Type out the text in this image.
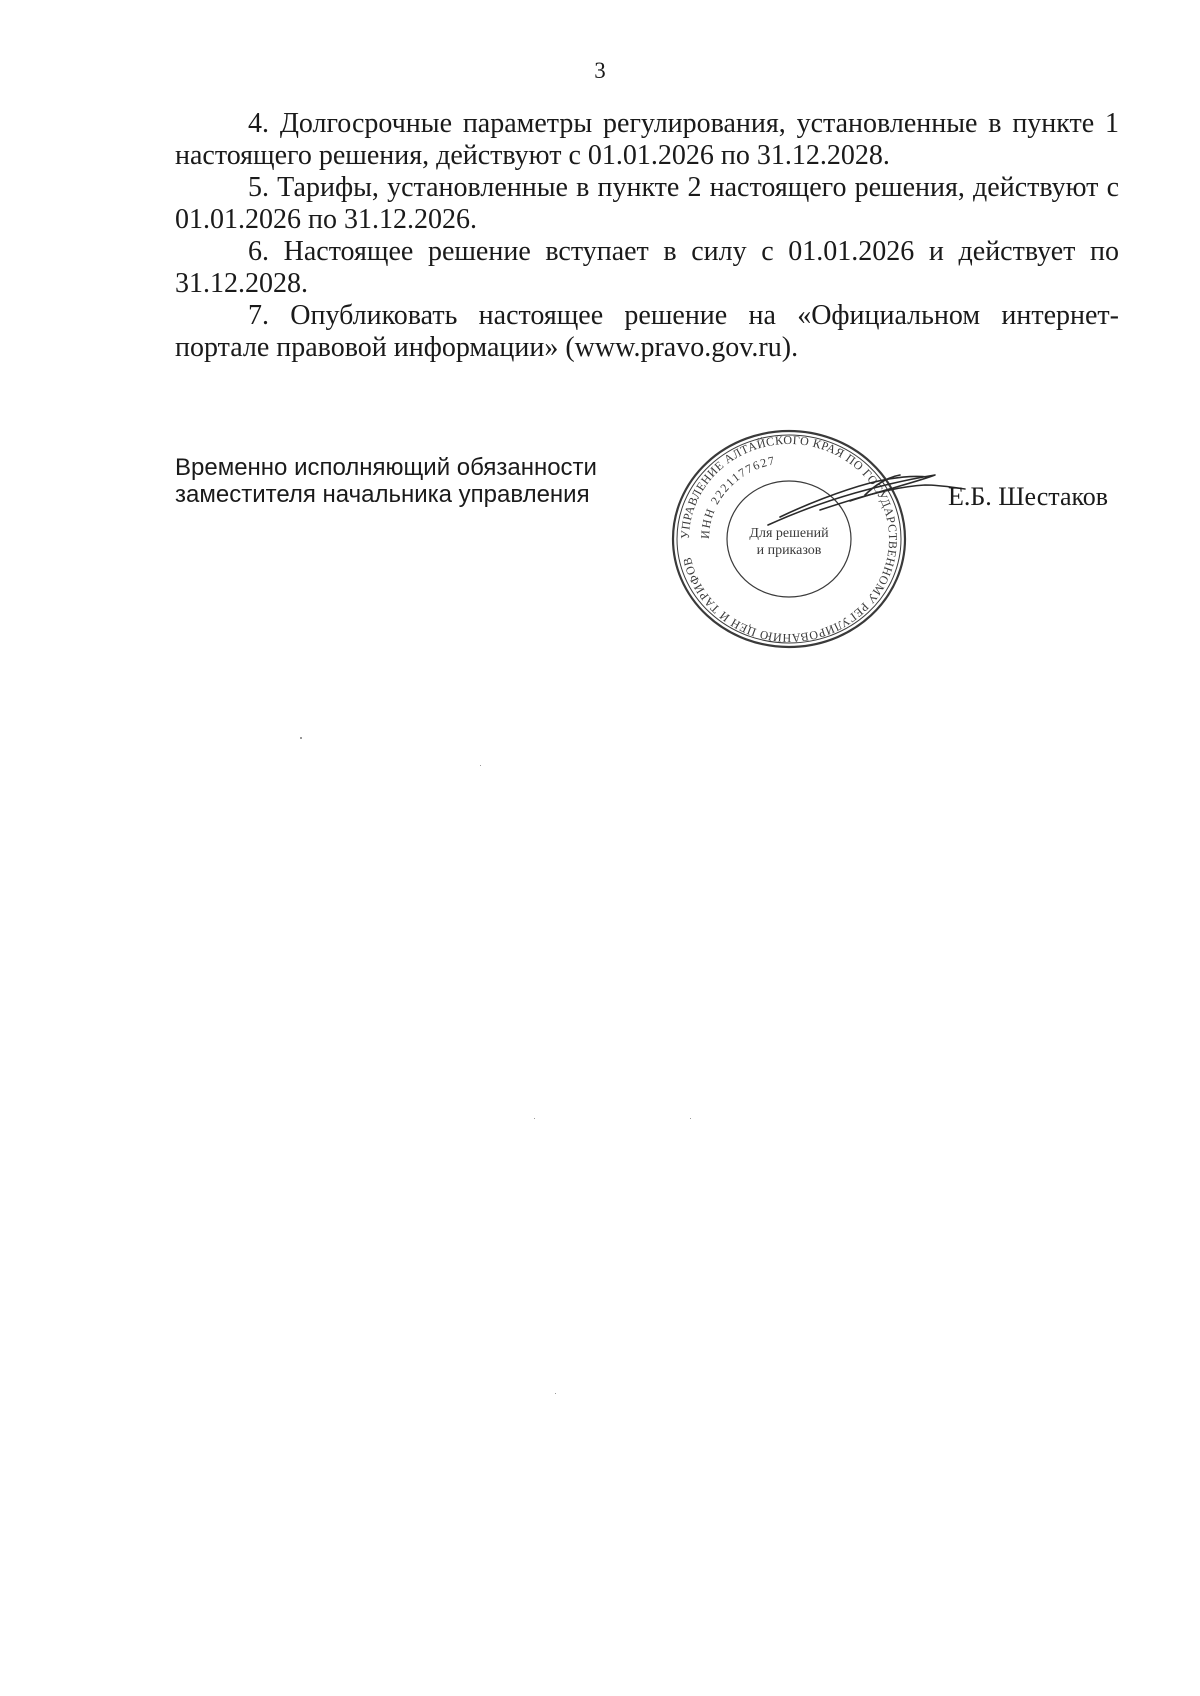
3

4. Долгосрочные параметры регулирования, установленные в пункте 1 настоящего решения, действуют с 01.01.2026 по 31.12.2028.

5. Тарифы, установленные в пункте 2 настоящего решения, действуют с 01.01.2026 по 31.12.2026.

6. Настоящее решение вступает в силу с 01.01.2026 и действует по 31.12.2028.

7. Опубликовать настоящее решение на «Официальном интернет-портале правовой информации» (www.pravo.gov.ru).

Временно исполняющий обязанности
заместителя начальника управления
УПРАВЛЕНИЕ АЛТАЙСКОГО КРАЯ ПО ГОСУДАРСТВЕННОМУ РЕГУЛИРОВАНИЮ ЦЕН И ТАРИФОВ
ИНН 2221177627
Для решений
и приказов
Е.Б. Шестаков
